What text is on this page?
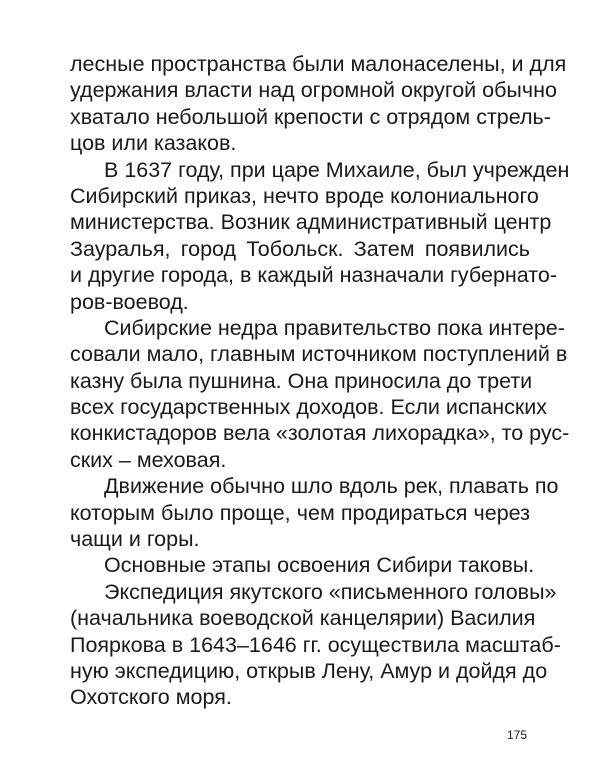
лесные пространства были малонаселены, и для
удержания власти над огромной округой обычно
хватало небольшой крепости с отрядом стрель-
цов или казаков.

В 1637 году, при царе Михаиле, был учрежден
Сибирский приказ, нечто вроде колониального
министерства. Возник административный центр
Зауралья, город Тобольск. Затем появились
и другие города, в каждый назначали губернато-
ров-воевод.

Сибирские недра правительство пока интере-
совали мало, главным источником поступлений в
казну была пушнина. Она приносила до трети
всех государственных доходов. Если испанских
конкистадоров вела «золотая лихорадка», то рус-
ских – меховая.

Движение обычно шло вдоль рек, плавать по
которым было проще, чем продираться через
чащи и горы.

Основные этапы освоения Сибири таковы.

Экспедиция якутского «письменного головы»
(начальника воеводской канцелярии) Василия
Пояркова в 1643–1646 гг. осуществила масштаб-
ную экспедицию, открыв Лену, Амур и дойдя до
Охотского моря.

175
